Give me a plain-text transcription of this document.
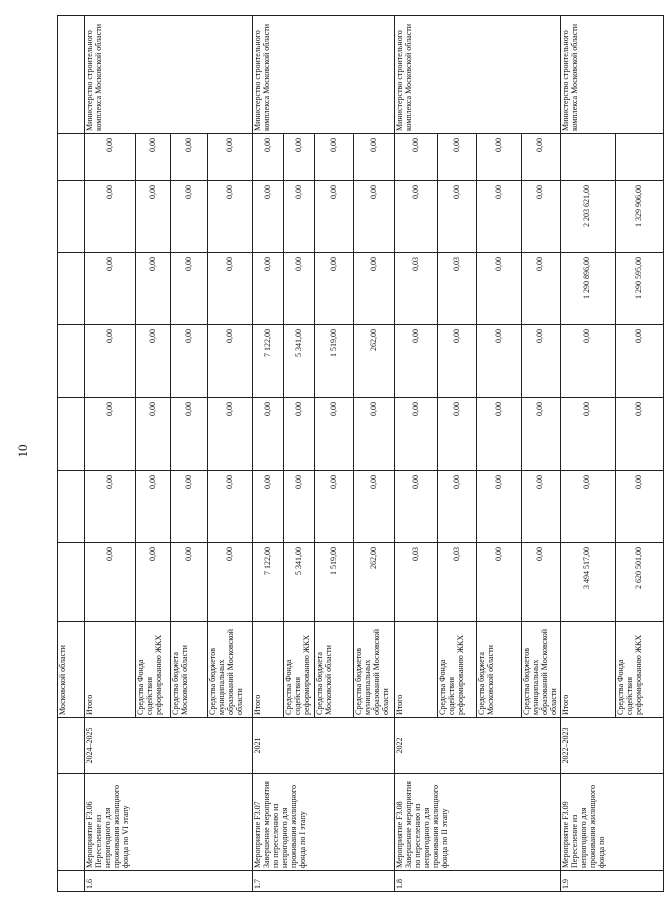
10
			Московской области								
1.6	Мероприятие F3.06 Переселение из непригодного для проживания жилищного фонда по VI этапу	2024–2025	Итого	0,00	0,00	0,00	0,00	0,00	0,00	0,00	Министерство строительного комплекса Московской области
			Средства Фонда содействия реформированию ЖКХ	0,00	0,00	0,00	0,00	0,00	0,00	0,00	
			Средства бюджета Московской области	0,00	0,00	0,00	0,00	0,00	0,00	0,00	
			Средства бюджетов муниципальных образований Московской области	0,00	0,00	0,00	0,00	0,00	0,00	0,00	
1.7	Мероприятие F3.07 Завершение мероприятия по переселению из непригодного для проживания жилищного фонда по I этапу	2021	Итого	7 122,00	0,00	0,00	7 122,00	0,00	0,00	0,00	Министерство строительного комплекса Московской области
			Средства Фонда содействия реформированию ЖКХ	5 341,00	0,00	0,00	5 341,00	0,00	0,00	0,00	
			Средства бюджета Московской области	1 519,00	0,00	0,00	1 519,00	0,00	0,00	0,00	
			Средства бюджетов муниципальных образований Московской области	262,00	0,00	0,00	262,00	0,00	0,00	0,00	
1.8	Мероприятие F3.08 Завершение мероприятия по переселению из непригодного для проживания жилищного фонда по II этапу	2022	Итого	0,03	0,00	0,00	0,00	0,03	0,00	0,00	Министерство строительного комплекса Московской области
			Средства Фонда содействия реформированию ЖКХ	0,03	0,00	0,00	0,00	0,03	0,00	0,00	
			Средства бюджета Московской области	0,00	0,00	0,00	0,00	0,00	0,00	0,00	
			Средства бюджетов муниципальных образований Московской области	0,00	0,00	0,00	0,00	0,00	0,00	0,00	
1.9	Мероприятие F3.09 Переселение из непригодного для проживания жилищного фонда по	2022–2023	Итого	3 494 517,00	0,00	0,00	0,00	1 290 896,00	2 203 621,00		Министерство строительного комплекса Московской области
			Средства Фонда содействия реформированию ЖКХ	2 620 501,00	0,00	0,00	0,00	1 290 595,00	1 329 906,00		
